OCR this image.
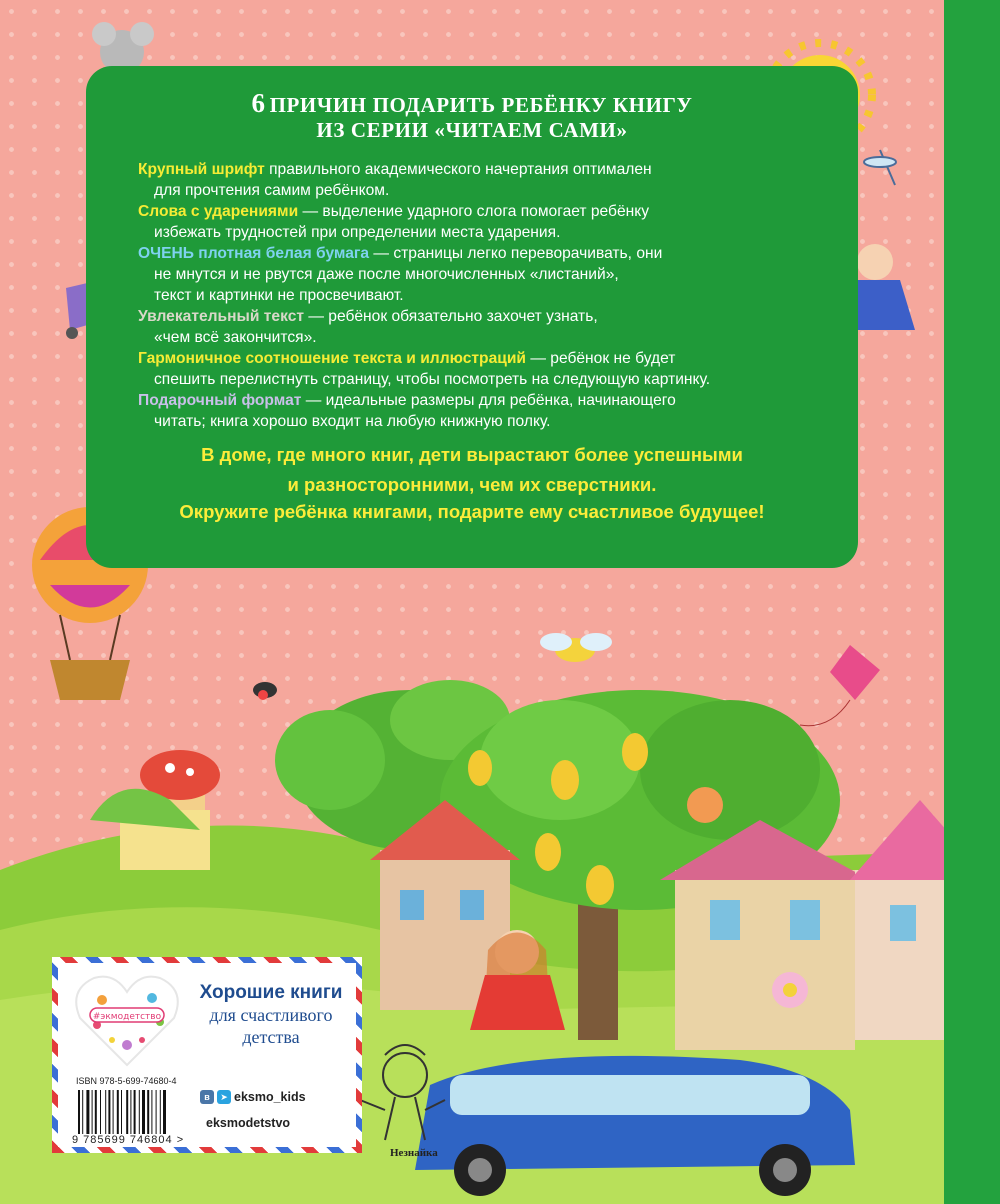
6 ПРИЧИН ПОДАРИТЬ РЕБЁНКУ КНИГУ
ИЗ СЕРИИ «ЧИТАЕМ САМИ»
Крупный шрифт правильного академического начертания оптимален
для прочтения самим ребёнком.
Слова с ударениями — выделение ударного слога помогает ребёнку
избежать трудностей при определении места ударения.
ОЧЕНЬ плотная белая бумага — страницы легко переворачивать, они
не мнутся и не рвутся даже после многочисленных «листаний»,
текст и картинки не просвечивают.
Увлекательный текст — ребёнок обязательно захочет узнать,
«чем всё закончится».
Гармоничное соотношение текста и иллюстраций — ребёнок не будет
спешить перелистнуть страницу, чтобы посмотреть на следующую картинку.
Подарочный формат — идеальные размеры для ребёнка, начинающего
читать; книга хорошо входит на любую книжную полку.
В доме, где много книг, дети вырастают более успешными
и разносторонними, чем их сверстники.
Окружите ребёнка книгами, подарите ему счастливое будущее!
#экмодетство
Хорошие книги
для счастливого детства
ISBN 978-5-699-74680-4
9 785699 746804 >
в	➤ eksmo_kids
eksmodetstvo
Незнайка
